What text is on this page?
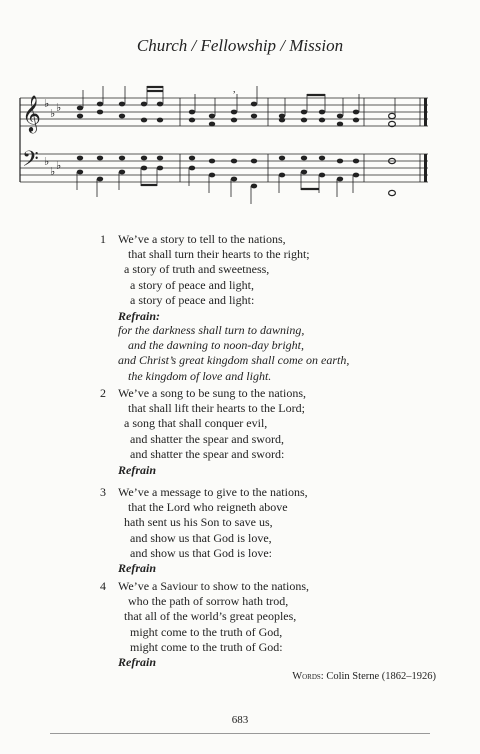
Church / Fellowship / Mission
𝄞
𝄢
♭
♭ ♭
♭
♭ ♭
,
1	We’ve a story to tell to the nations,
that shall turn their hearts to the right;
a story of truth and sweetness,
a story of peace and light,
a story of peace and light:
Refrain:
for the darkness shall turn to dawning,
and the dawning to noon-day bright,
and Christ’s great kingdom shall come on earth,
the kingdom of love and light.
2	We’ve a song to be sung to the nations,
that shall lift their hearts to the Lord;
a song that shall conquer evil,
and shatter the spear and sword,
and shatter the spear and sword:
Refrain
3	We’ve a message to give to the nations,
that the Lord who reigneth above
hath sent us his Son to save us,
and show us that God is love,
and show us that God is love:
Refrain
4	We’ve a Saviour to show to the nations,
who the path of sorrow hath trod,
that all of the world’s great peoples,
might come to the truth of God,
might come to the truth of God:
Refrain
Words: Colin Sterne (1862–1926)
683
